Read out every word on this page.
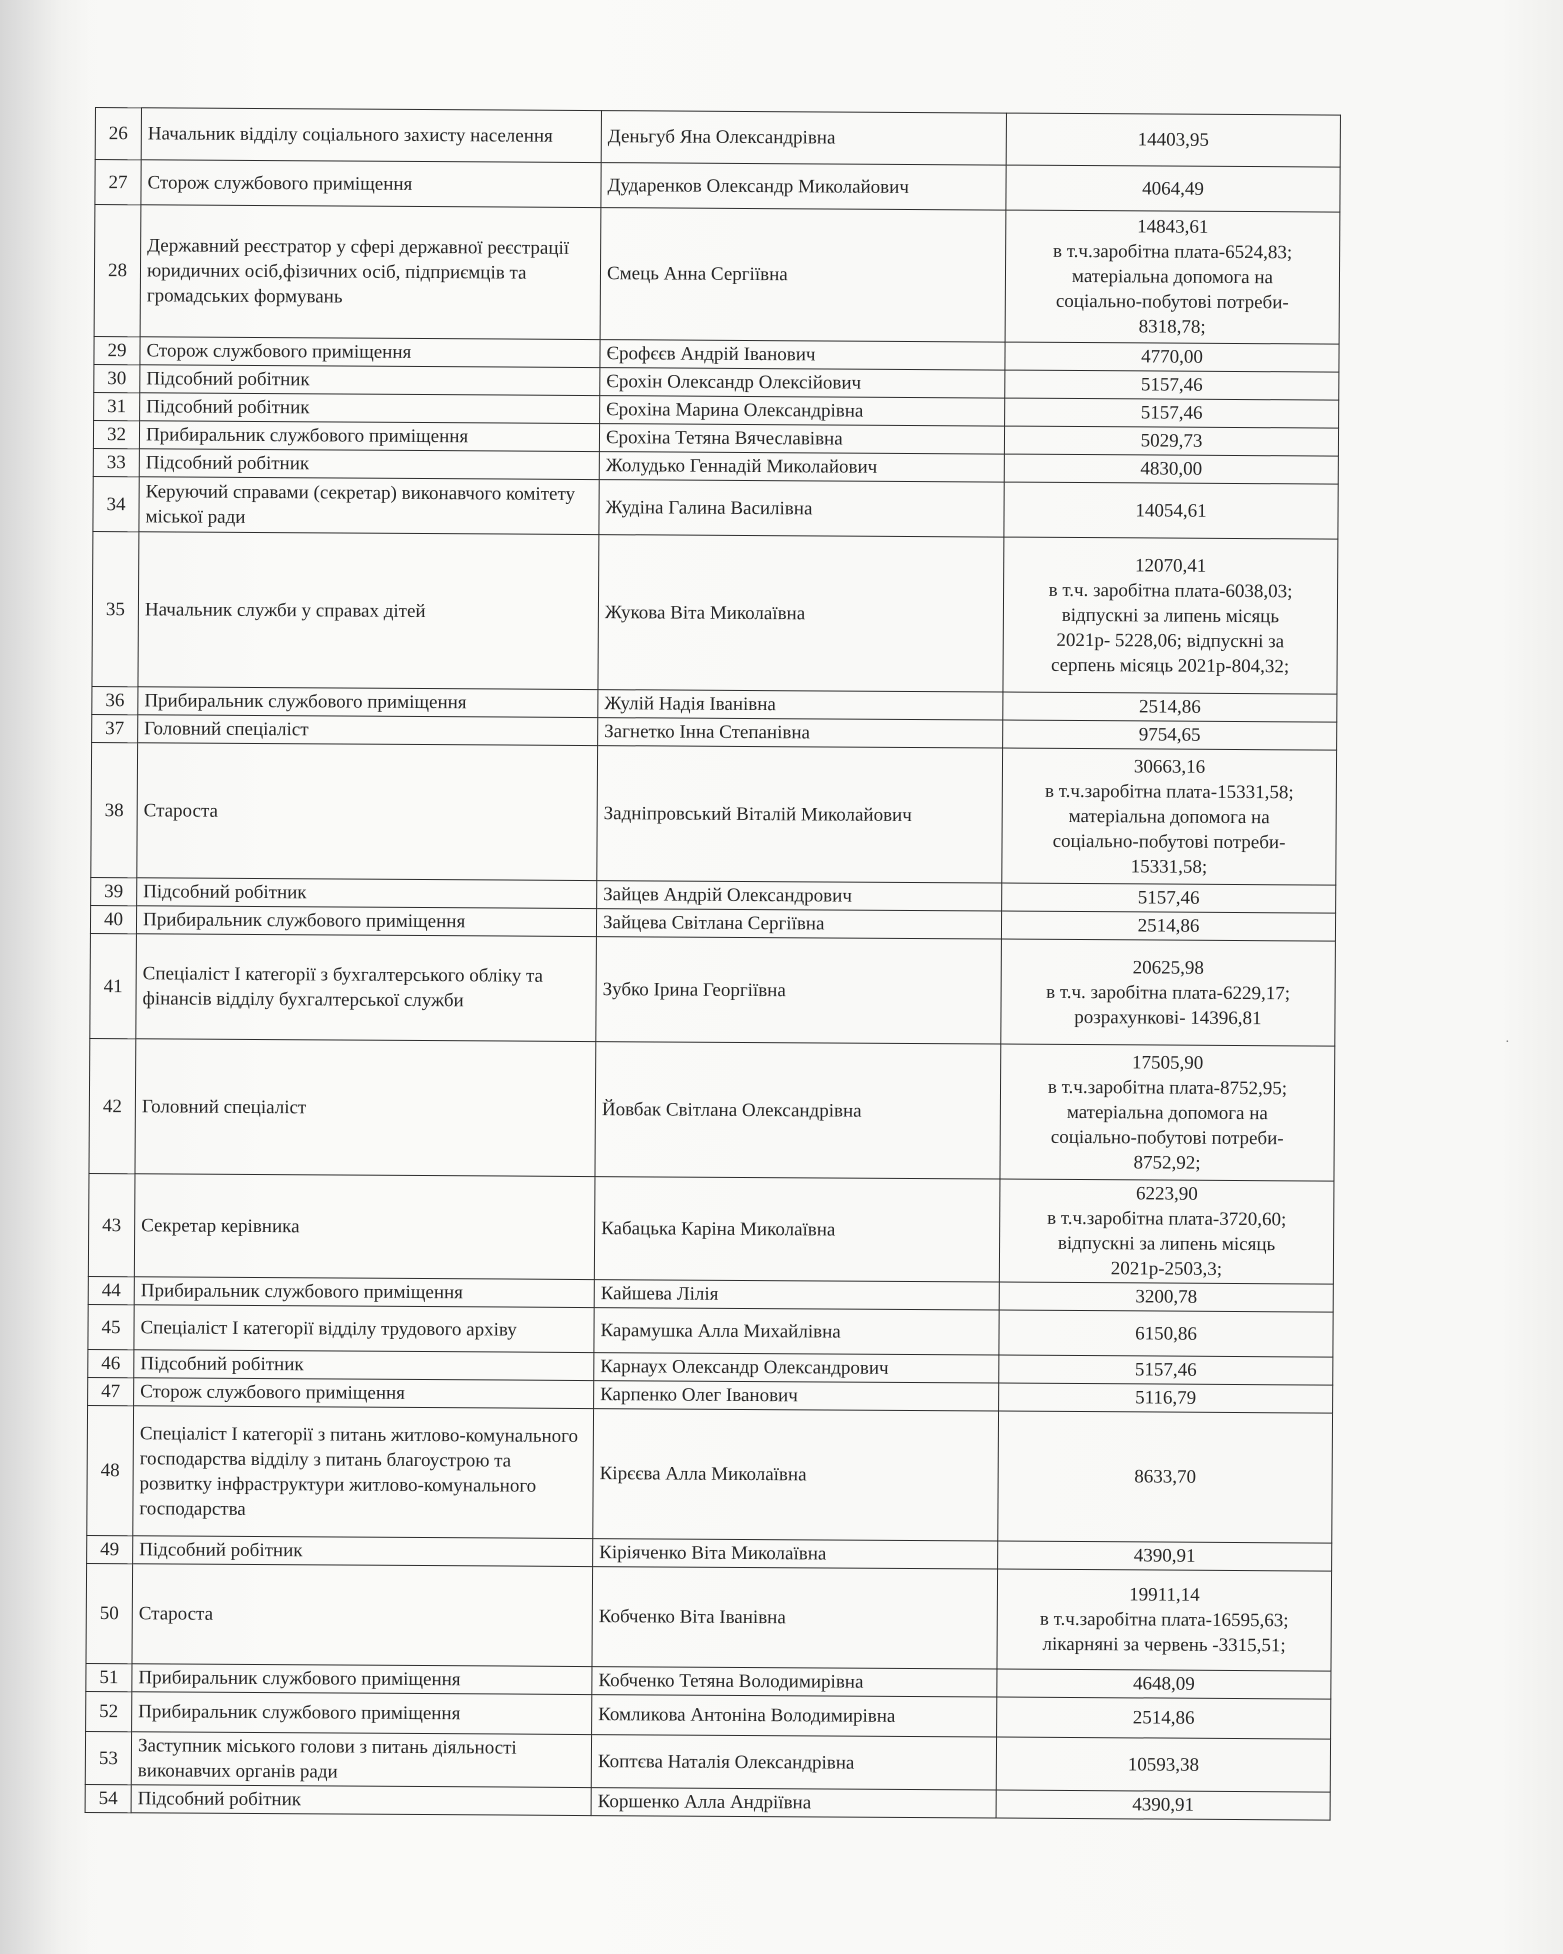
26	Начальник відділу соціального захисту населення	Деньгуб Яна Олександрівна	14403,95

27	Сторож службового приміщення	Дударенков Олександр Миколайович	4064,49

28	Державний реєстратор у сфері державної реєстрації юридичних осіб,фізичних осіб, підприємців та громадських формувань	Смець Анна Сергіївна	14843,61
в т.ч.заробітна плата-6524,83;
матеріальна допомога на
соціально-побутові потреби-
8318,78;

29	Сторож службового приміщення	Єрофєєв Андрій Іванович	4770,00

30	Підсобний робітник	Єрохін Олександр Олексійович	5157,46

31	Підсобний робітник	Єрохіна Марина Олександрівна	5157,46

32	Прибиральник службового приміщення	Єрохіна Тетяна Вячеславівна	5029,73

33	Підсобний робітник	Жолудько Геннадій Миколайович	4830,00

34	Керуючий справами (секретар) виконавчого комітету міської ради	Жудіна Галина Василівна	14054,61

35	Начальник служби у справах дітей	Жукова Віта Миколаївна	12070,41
в т.ч. заробітна плата-6038,03;
відпускні за липень місяць
2021р- 5228,06; відпускні за
серпень місяць 2021р-804,32;

36	Прибиральник службового приміщення	Жулій Надія Іванівна	2514,86

37	Головний спеціаліст	Загнетко Інна Степанівна	9754,65

38	Староста	Задніпровський Віталій Миколайович	30663,16
в т.ч.заробітна плата-15331,58;
матеріальна допомога на
соціально-побутові потреби-
15331,58;

39	Підсобний робітник	Зайцев Андрій Олександрович	5157,46

40	Прибиральник службового приміщення	Зайцева Світлана Сергіївна	2514,86

41	Спеціаліст І категорії з бухгалтерського обліку та фінансів відділу бухгалтерської служби	Зубко Ірина Георгіївна	20625,98
в т.ч. заробітна плата-6229,17;
розрахункові- 14396,81

42	Головний спеціаліст	Йовбак Світлана Олександрівна	17505,90
в т.ч.заробітна плата-8752,95;
матеріальна допомога на
соціально-побутові потреби-
8752,92;

43	Секретар керівника	Кабацька Каріна Миколаївна	6223,90
в т.ч.заробітна плата-3720,60;
відпускні за липень місяць
2021р-2503,3;

44	Прибиральник службового приміщення	Кайшева Лілія	3200,78

45	Спеціаліст І категорії відділу трудового архіву	Карамушка Алла Михайлівна	6150,86

46	Підсобний робітник	Карнаух Олександр Олександрович	5157,46

47	Сторож службового приміщення	Карпенко Олег Іванович	5116,79

48	Спеціаліст І категорії з питань житлово-комунального господарства відділу з питань благоустрою та розвитку інфраструктури житлово-комунального господарства	Кірєєва Алла Миколаївна	8633,70

49	Підсобний робітник	Кіріяченко Віта Миколаївна	4390,91

50	Староста	Кобченко Віта Іванівна	19911,14
в т.ч.заробітна плата-16595,63;
лікарняні за червень -3315,51;

51	Прибиральник службового приміщення	Кобченко Тетяна Володимирівна	4648,09

52	Прибиральник службового приміщення	Комликова Антоніна Володимирівна	2514,86

53	Заступник міського голови з питань діяльності виконавчих органів ради	Коптєва Наталія Олександрівна	10593,38

54	Підсобний робітник	Коршенко Алла Андріївна	4390,91
·
